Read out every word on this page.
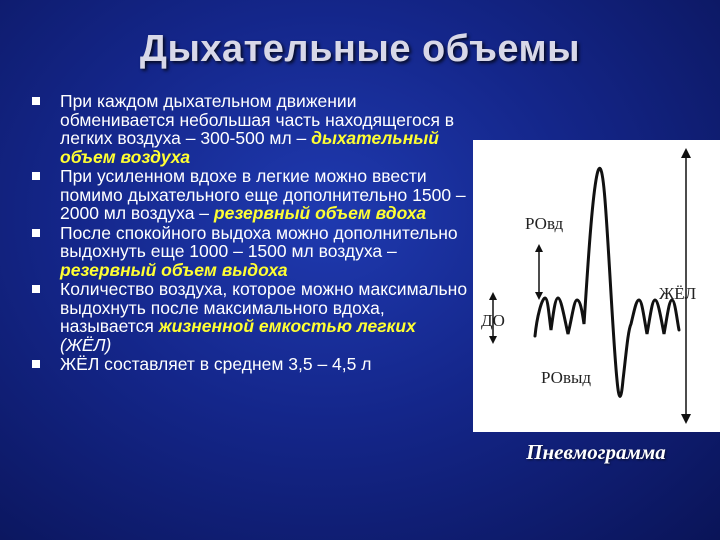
Дыхательные объемы
При каждом дыхательном движении обменивается небольшая часть находящегося в легких воздуха – 300-500 мл – дыхательный объем воздуха
При усиленном вдохе в легкие можно ввести помимо дыхательного еще дополнительно 1500 – 2000 мл воздуха – резервный объем вдоха
После спокойного выдоха можно дополнительно выдохнуть еще 1000 – 1500 мл воздуха – резервный объем выдоха
Количество воздуха, которое можно максимально выдохнуть после максимального вдоха, называется жизненной емкостью легких (ЖЁЛ)
ЖЁЛ составляет в среднем 3,5 – 4,5 л
РОвд
ДО
ЖЁЛ
РОвыд
Пневмограмма
